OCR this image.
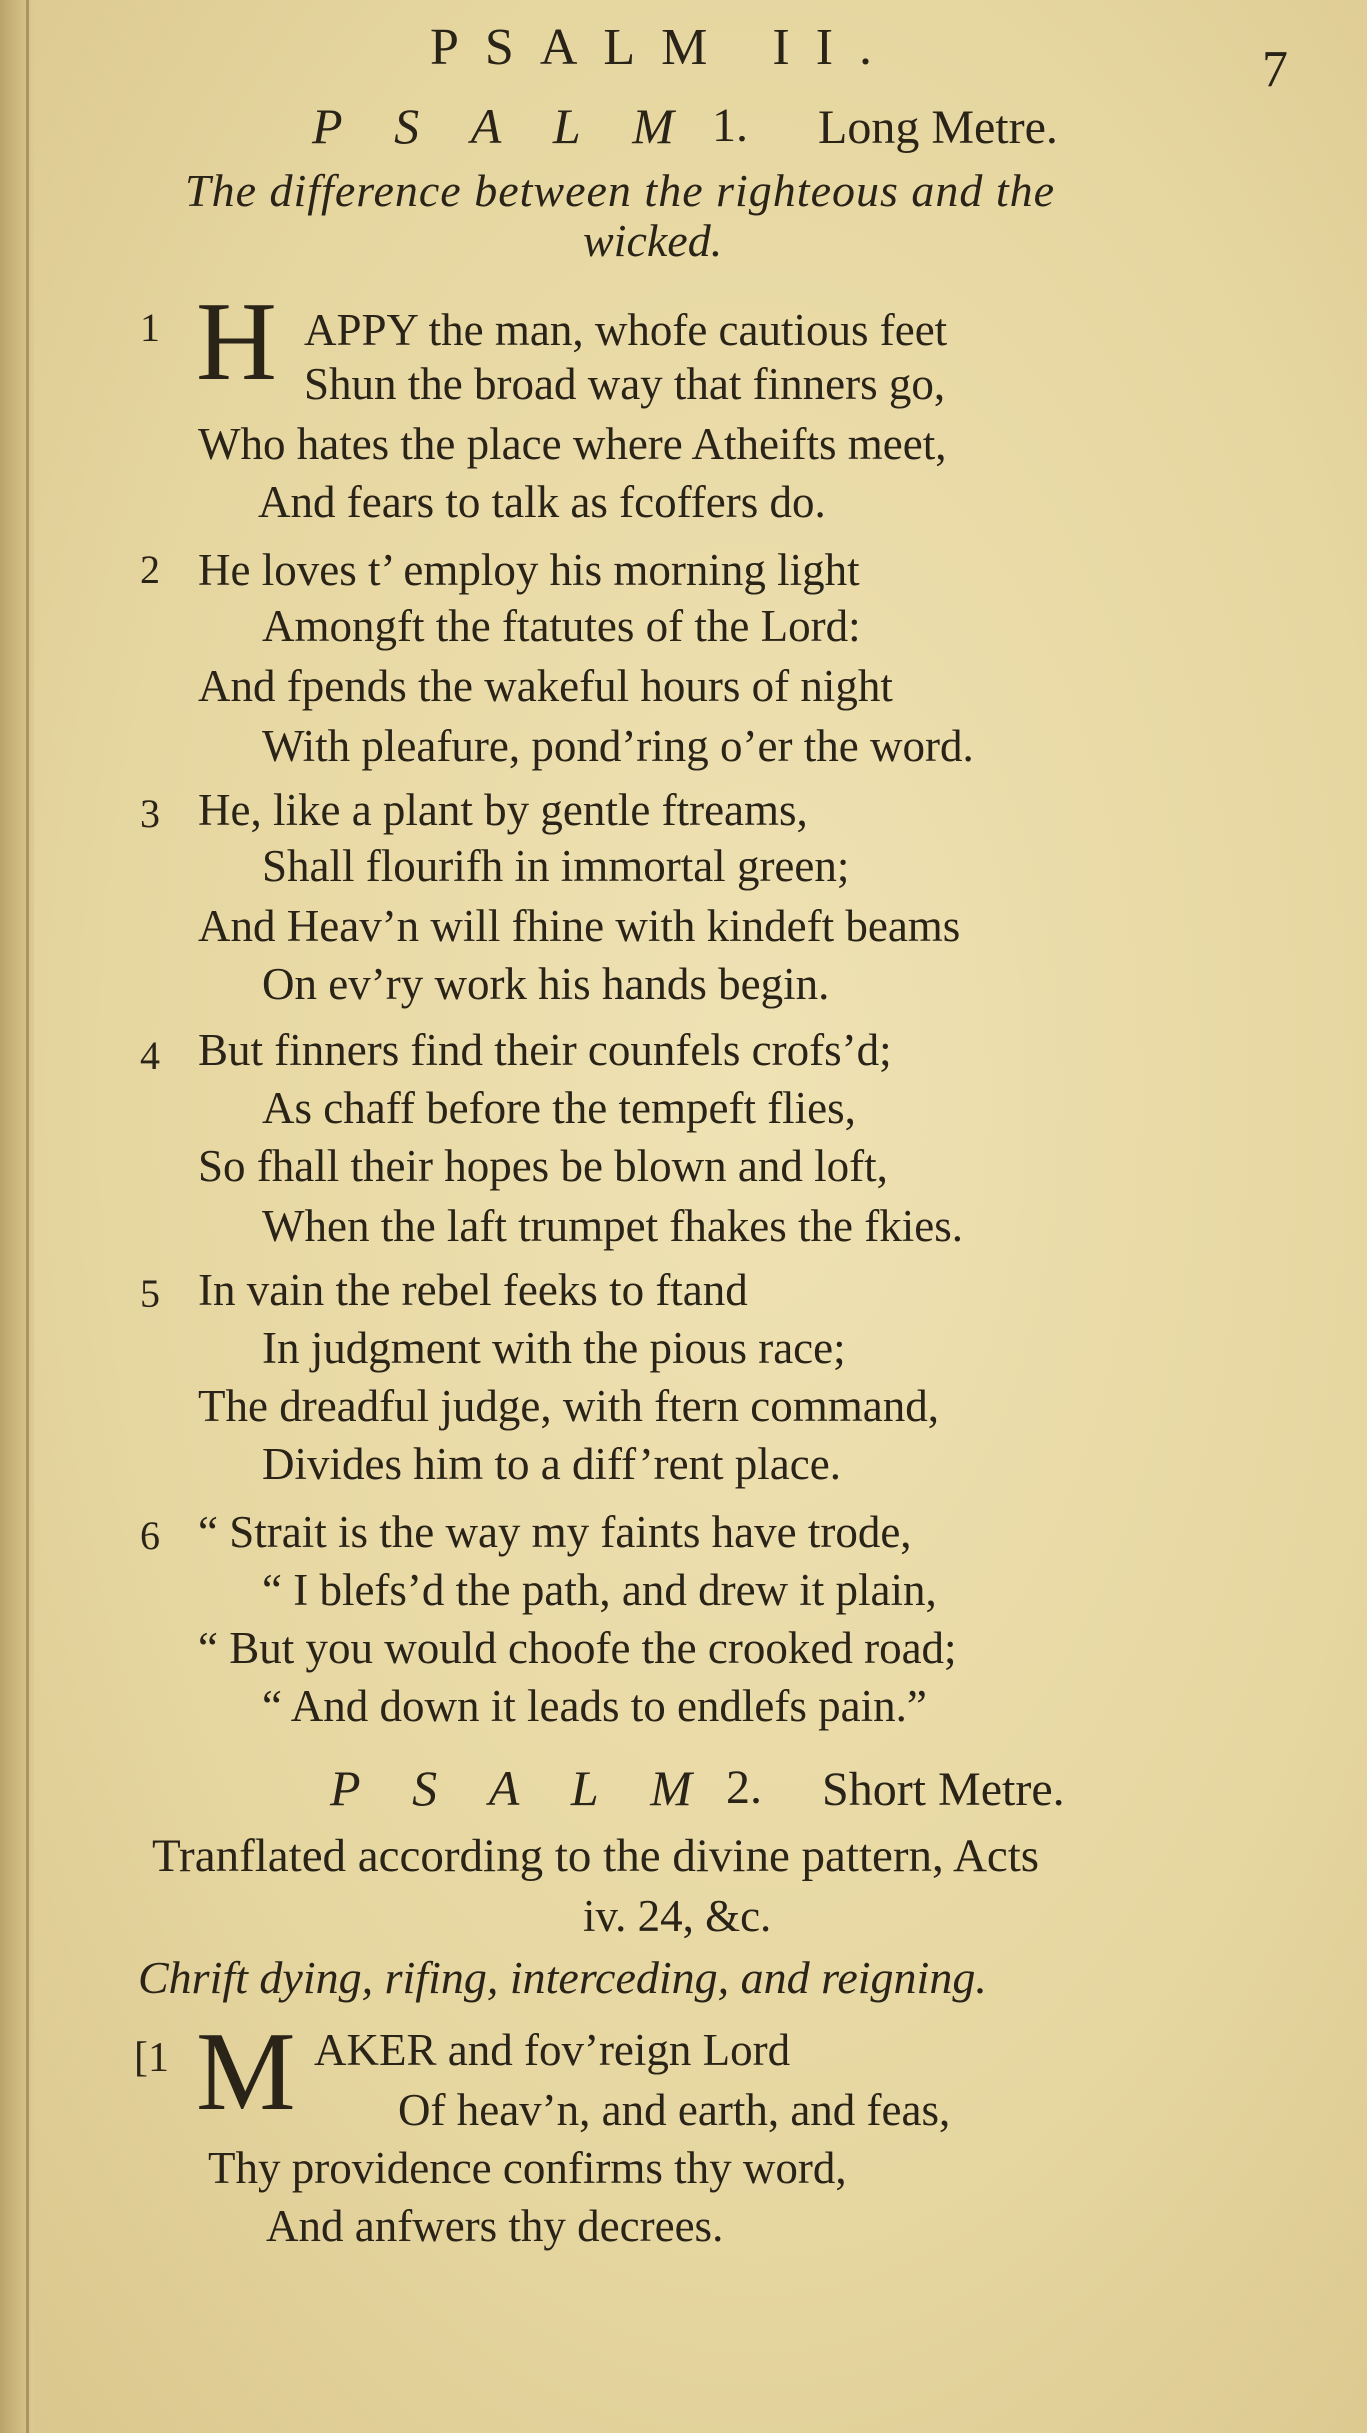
PSALM II.	7
P S A L M 1. Long Metre.
The difference between the righteous and the
wicked.
1 H APPY the man, whofe cautious feet
Shun the broad way that finners go,
Who hates the place where Atheifts meet,
And fears to talk as fcoffers do.
2 He loves t’ employ his morning light
Amongft the ftatutes of the Lord:
And fpends the wakeful hours of night
With pleafure, pond’ring o’er the word.
3 He, like a plant by gentle ftreams,
Shall flourifh in immortal green;
And Heav’n will fhine with kindeft beams
On ev’ry work his hands begin.
4 But finners find their counfels crofs’d;
As chaff before the tempeft flies,
So fhall their hopes be blown and loft,
When the laft trumpet fhakes the fkies.
5 In vain the rebel feeks to ftand
In judgment with the pious race;
The dreadful judge, with ftern command,
Divides him to a diff’rent place.
6 “ Strait is the way my faints have trode,
“ I blefs’d the path, and drew it plain,
“ But you would choofe the crooked road;
“ And down it leads to endlefs pain.”
P S A L M 2. Short Metre.
Tranflated according to the divine pattern, Acts
iv. 24, &c.
Chrift dying, rifing, interceding, and reigning.
[1 M AKER and fov’reign Lord
Of heav’n, and earth, and feas,
Thy providence confirms thy word,
And anfwers thy decrees.
